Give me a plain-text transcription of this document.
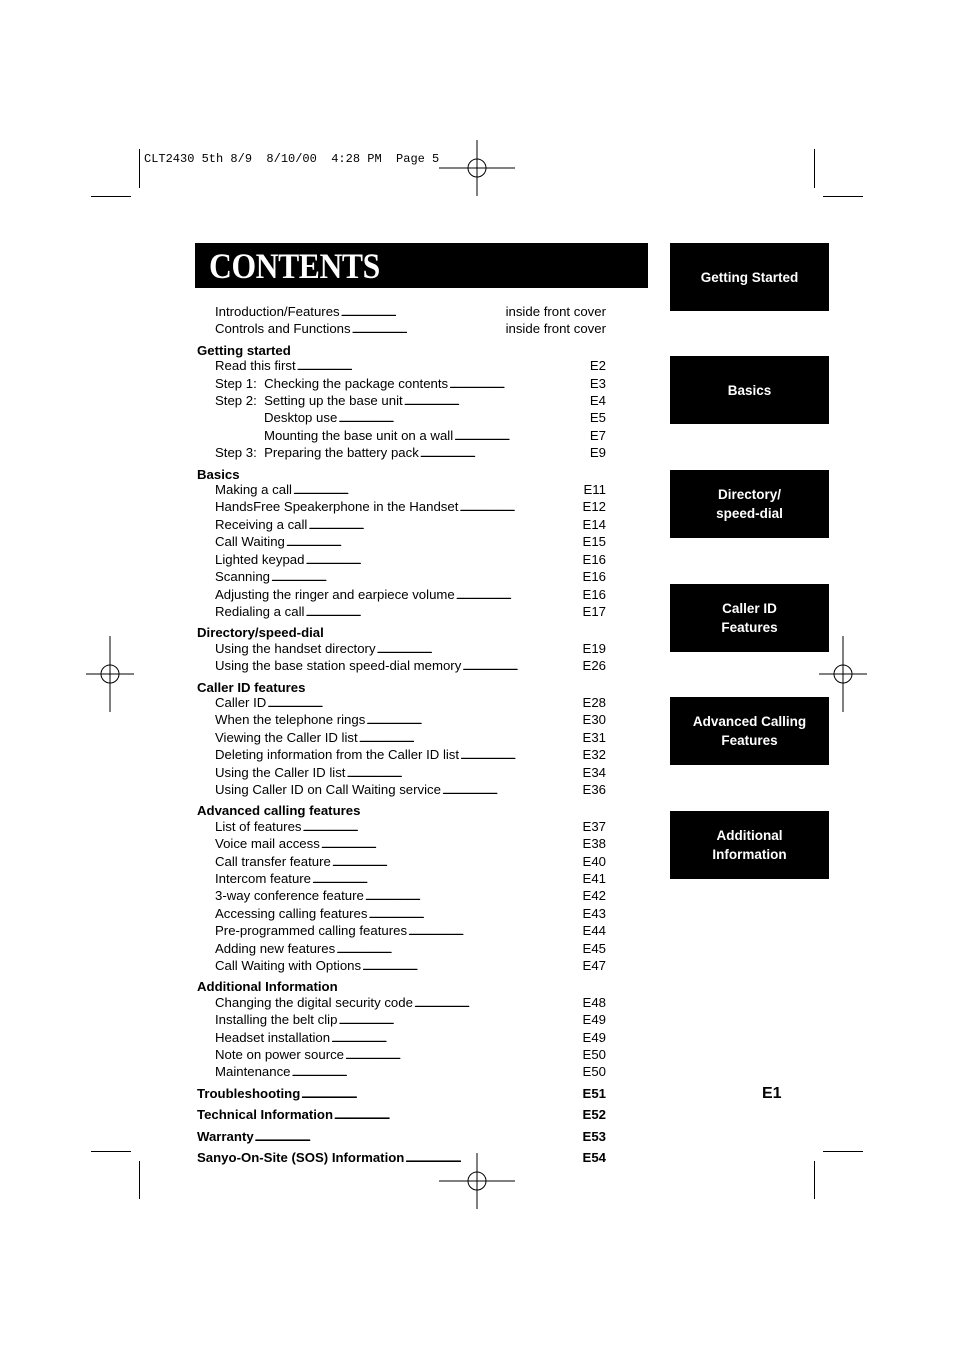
CLT2430 5th 8/9  8/10/00  4:28 PM  Page 5
CONTENTS
Introduction/Features . . .	inside front cover
Controls and Functions . . .	inside front cover
Getting started
Read this first . . .	E2
Step 1:  Checking the package contents . . .	E3
Step 2:  Setting up the base unit . . .	E4
Desktop use . . .	E5
Mounting the base unit on a wall . . .	E7
Step 3:  Preparing the battery pack . . .	E9
Basics
Making a call . . .	E11
HandsFree Speakerphone in the Handset . . .	E12
Receiving a call . . .	E14
Call Waiting . . .	E15
Lighted keypad . . .	E16
Scanning . . .	E16
Adjusting the ringer and earpiece volume . . .	E16
Redialing a call . . .	E17
Directory/speed-dial
Using the handset directory . . .	E19
Using the base station speed-dial memory . . .	E26
Caller ID features
Caller ID . . .	E28
When the telephone rings . . .	E30
Viewing the Caller ID list . . .	E31
Deleting information from the Caller ID list . . .	E32
Using the Caller ID list . . .	E34
Using Caller ID on Call Waiting service . . .	E36
Advanced calling features
List of features . . .	E37
Voice mail access . . .	E38
Call transfer feature . . .	E40
Intercom feature . . .	E41
3-way conference feature . . .	E42
Accessing calling features . . .	E43
Pre-programmed calling features . . .	E44
Adding new features . . .	E45
Call Waiting with Options . . .	E47
Additional Information
Changing the digital security code . . .	E48
Installing the belt clip . . .	E49
Headset installation . . .	E49
Note on power source . . .	E50
Maintenance . . .	E50
Troubleshooting . . .	E51
Technical Information . . .	E52
Warranty . . .	E53
Sanyo-On-Site (SOS) Information . . .	E54
Getting Started
Basics
Directory/
speed-dial
Caller ID
Features
Advanced Calling
Features
Additional
Information
E1
